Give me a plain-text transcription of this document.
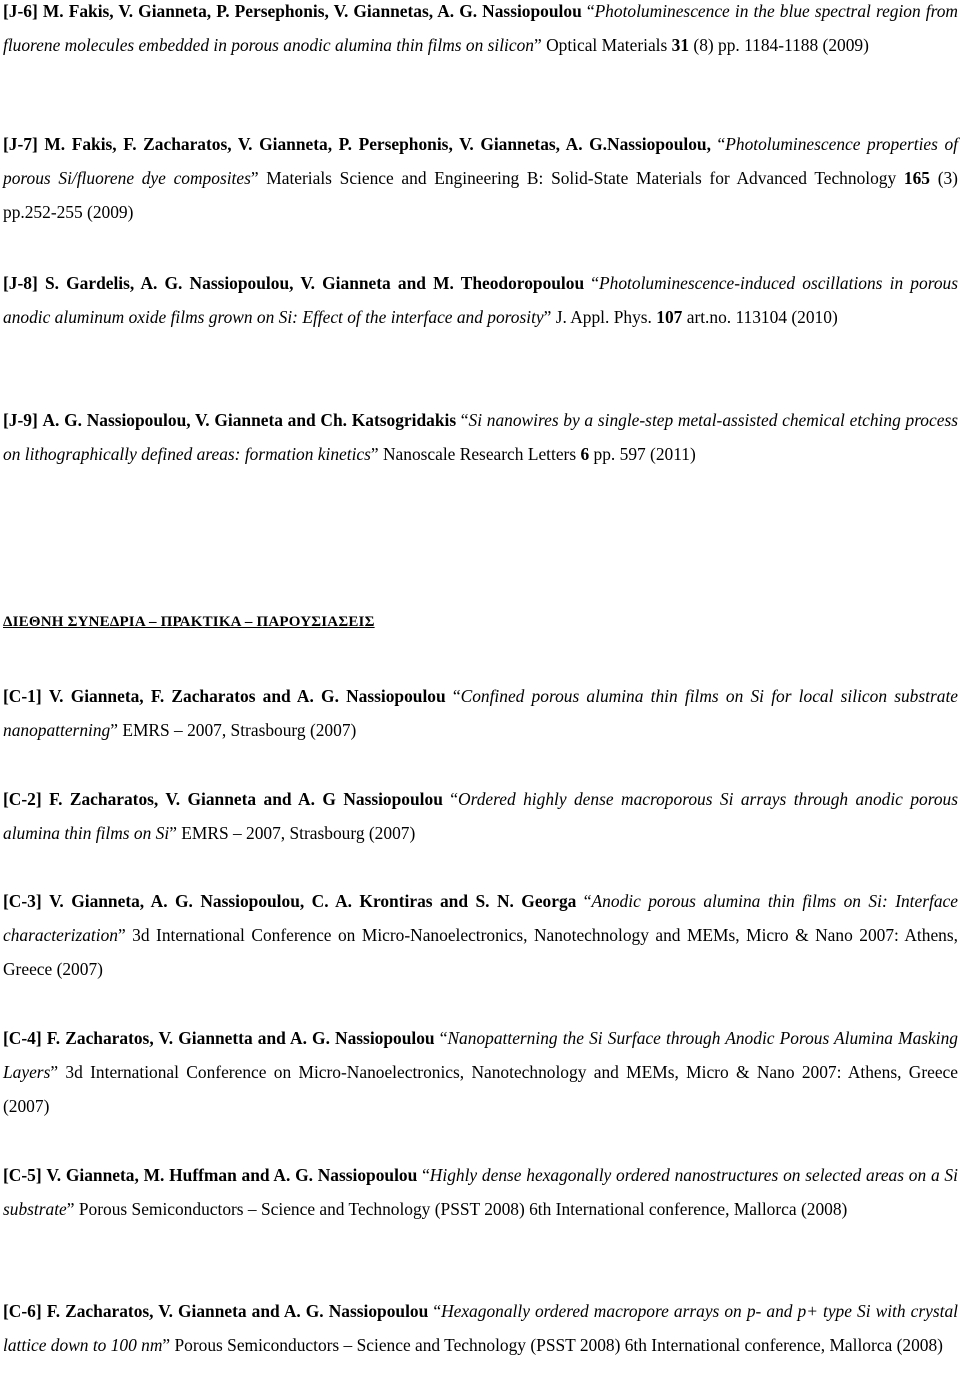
[J-6] M. Fakis, V. Gianneta, P. Persephonis, V. Giannetas, A. G. Nassiopoulou “Photoluminescence in the blue spectral region from fluorene molecules embedded in porous anodic alumina thin films on silicon” Optical Materials 31 (8) pp. 1184-1188 (2009)

[J-7] M. Fakis, F. Zacharatos, V. Gianneta, P. Persephonis, V. Giannetas, A. G.Nassiopoulou, “Photoluminescence properties of porous Si/fluorene dye composites” Materials Science and Engineering B: Solid-State Materials for Advanced Technology 165 (3) pp.252-255 (2009)

[J-8] S. Gardelis, A. G. Nassiopoulou, V. Gianneta and M. Theodoropoulou “Photoluminescence-induced oscillations in porous anodic aluminum oxide films grown on Si: Effect of the interface and porosity” J. Appl. Phys. 107 art.no. 113104 (2010)

[J-9] A. G. Nassiopoulou, V. Gianneta and Ch. Katsogridakis “Si nanowires by a single-step metal-assisted chemical etching process on lithographically defined areas: formation kinetics” Nanoscale Research Letters 6 pp. 597 (2011)

ΔΙΕΘΝΗ ΣΥΝΕΔΡΙΑ – ΠΡΑΚΤΙΚΑ – ΠΑΡΟΥΣΙΑΣΕΙΣ

[C-1] V. Gianneta, F. Zacharatos and A. G. Nassiopoulou “Confined porous alumina thin films on Si for local silicon substrate nanopatterning” EMRS – 2007, Strasbourg (2007)

[C-2] F. Zacharatos, V. Gianneta and A. G Nassiopoulou “Ordered highly dense macroporous Si arrays through anodic porous alumina thin films on Si” EMRS – 2007, Strasbourg (2007)

[C-3] V. Gianneta, A. G. Nassiopoulou, C. A. Krontiras and S. N. Georga “Anodic porous alumina thin films on Si: Interface characterization” 3d International Conference on Micro-Nanoelectronics, Nanotechnology and MEMs, Micro & Nano 2007: Athens, Greece (2007)

[C-4] F. Zacharatos, V. Giannetta and A. G. Nassiopoulou “Nanopatterning the Si Surface through Anodic Porous Alumina Masking Layers” 3d International Conference on Micro-Nanoelectronics, Nanotechnology and MEMs, Micro & Nano 2007: Athens, Greece (2007)

[C-5] V. Gianneta, M. Huffman and A. G. Nassiopoulou “Highly dense hexagonally ordered nanostructures on selected areas on a Si substrate” Porous Semiconductors – Science and Technology (PSST 2008) 6th International conference, Mallorca (2008)

[C-6] F. Zacharatos, V. Gianneta and A. G. Nassiopoulou “Hexagonally ordered macropore arrays on p- and p+ type Si with crystal lattice down to 100 nm” Porous Semiconductors – Science and Technology (PSST 2008) 6th International conference, Mallorca (2008)
